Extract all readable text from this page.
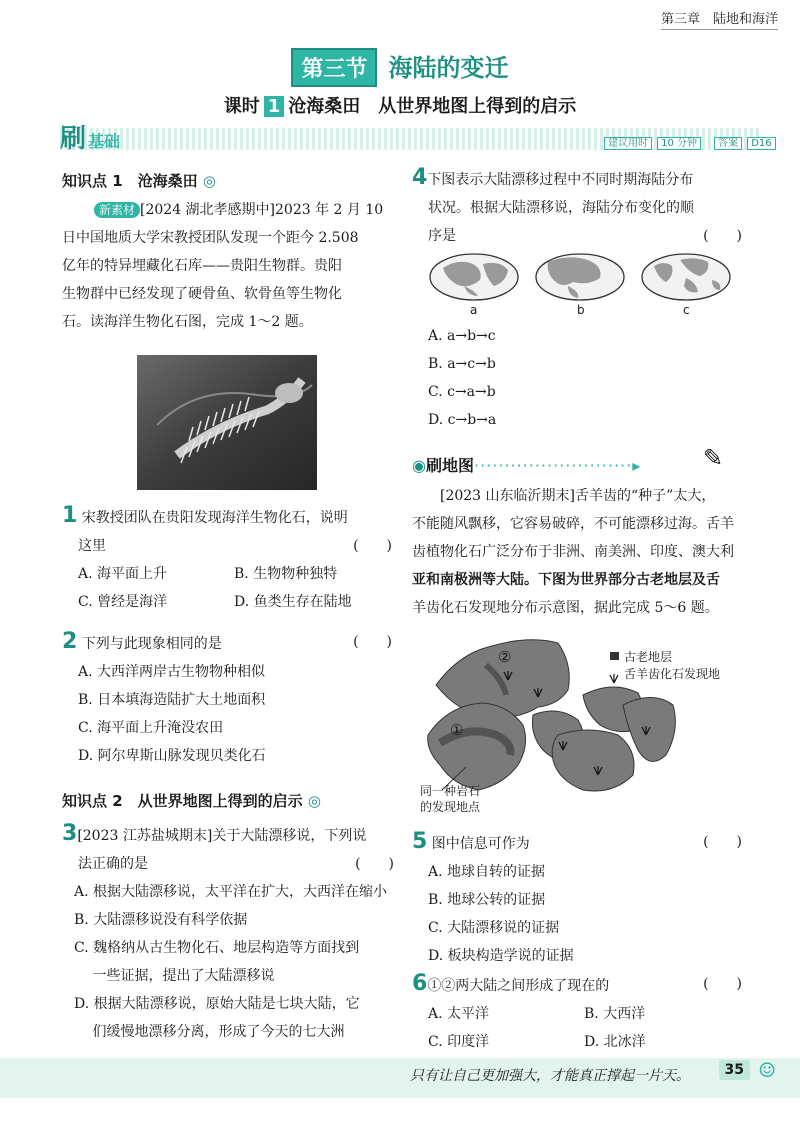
第三章　陆地和海洋
第三节 海陆的变迁
课时 1 沧海桑田　从世界地图上得到的启示
刷基础	建议用时 10 分钟 答案 D16
知识点 1　沧海桑田 ◎
新素材 [2024 湖北孝感期中]2023 年 2 月 10
日中国地质大学宋教授团队发现一个距今 2.508
亿年的特异埋藏化石库——贵阳生物群。贵阳
生物群中已经发现了硬骨鱼、软骨鱼等生物化
石。读海洋生物化石图，完成 1～2 题。
1 宋教授团队在贵阳发现海洋生物化石，说明
这里	(　　)
A. 海平面上升	B. 生物物种独特
C. 曾经是海洋	D. 鱼类生存在陆地
2 下列与此现象相同的是	(　　)
A. 大西洋两岸古生物物种相似
B. 日本填海造陆扩大土地面积
C. 海平面上升淹没农田
D. 阿尔卑斯山脉发现贝类化石
知识点 2　从世界地图上得到的启示 ◎
3[2023 江苏盐城期末]关于大陆漂移说，下列说
法正确的是	(　　)
A. 根据大陆漂移说，太平洋在扩大，大西洋在缩小
B. 大陆漂移说没有科学依据
C. 魏格纳从古生物化石、地层构造等方面找到
　 一些证据，提出了大陆漂移说
D. 根据大陆漂移说，原始大陆是七块大陆，它
　 们缓慢地漂移分离，形成了今天的七大洲
4下图表示大陆漂移过程中不同时期海陆分布
状况。根据大陆漂移说，海陆分布变化的顺
序是	(　　)
a	b	c
A. a→b→c
B. a→c→b
C. c→a→b
D. c→b→a
◉刷地图··························▸	✎
[2023 山东临沂期末]舌羊齿的“种子”太大，
不能随风飘移，它容易破碎，不可能漂移过海。舌羊
齿植物化石广泛分布于非洲、南美洲、印度、澳大利
亚和南极洲等大陆。下图为世界部分古老地层及舌
羊齿化石发现地分布示意图，据此完成 5～6 题。
②
①
古老地层
舌羊齿化石发现地
同一种岩石
的发现地点
5 图中信息可作为	(　　)
A. 地球自转的证据
B. 地球公转的证据
C. 大陆漂移说的证据
D. 板块构造学说的证据
6①②两大陆之间形成了现在的	(　　)
A. 太平洋	B. 大西洋
C. 印度洋	D. 北冰洋
只有让自己更加强大，才能真正撑起一片天。	35 ☺
